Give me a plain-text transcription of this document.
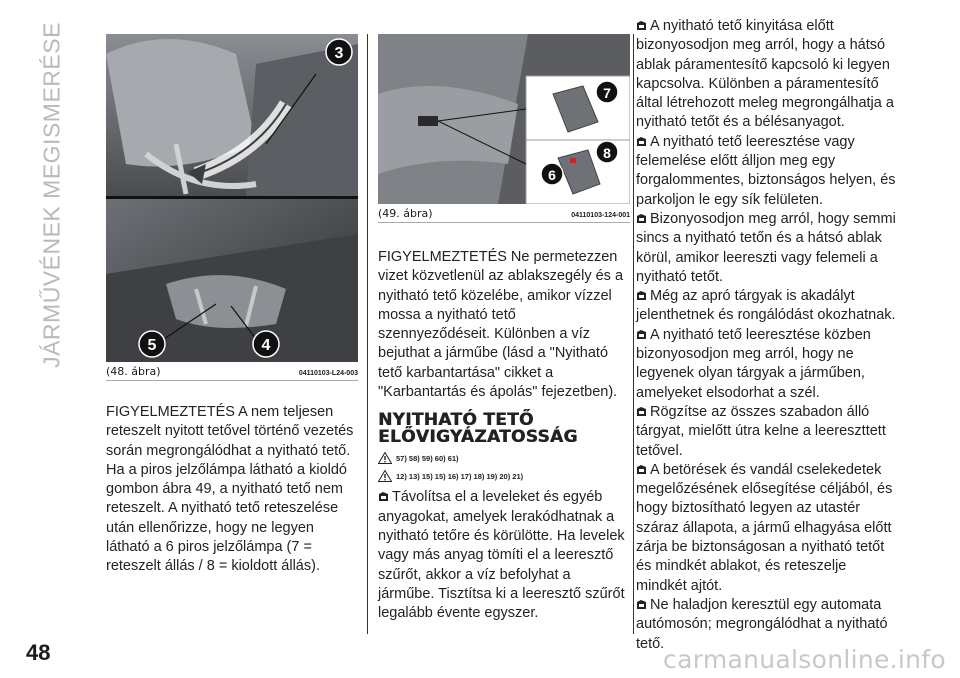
JÁRMŰVÉNEK MEGISMERÉSE	3
5	4
(48. ábra)	04110103-L24-003

FIGYELMEZTETÉS A nem teljesen reteszelt nyitott tetővel történő vezetés során megrongálódhat a nyitható tető. Ha a piros jelzőlámpa látható a kioldó gombon ábra 49, a nyitható tető nem reteszelt. A nyitható tető reteszelése után ellenőrizze, hogy ne legyen látható a 6 piros jelzőlámpa (7 = reteszelt állás / 8 = kioldott állás).

7
6
8
(49. ábra)	04110103-124-001

FIGYELMEZTETÉS Ne permetezzen vizet közvetlenül az ablakszegély és a nyitható tető közelébe, amikor vízzel mossa a nyitható tető szennyeződéseit. Különben a víz bejuthat a járműbe (lásd a "Nyitható tető karbantartása" cikket a "Karbantartás és ápolás" fejezetben).

NYITHATÓ TETŐ
ELŐVIGYÁZATOSSÁG
57) 58) 59) 60) 61)
12) 13) 15) 15) 16) 17) 18) 19) 20) 21)

Távolítsa el a leveleket és egyéb anyagokat, amelyek lerakódhatnak a nyitható tetőre és körülötte. Ha levelek vagy más anyag tömíti el a leeresztő szűrőt, akkor a víz befolyhat a járműbe. Tisztítsa ki a leeresztő szűrőt legalább évente egyszer.

A nyitható tető kinyitása előtt bizonyosodjon meg arról, hogy a hátsó ablak páramentesítő kapcsoló ki legyen kapcsolva. Különben a páramentesítő által létrehozott meleg megrongálhatja a nyitható tetőt és a bélésanyagot.

A nyitható tető leeresztése vagy felemelése előtt álljon meg egy forgalommentes, biztonságos helyen, és parkoljon le egy sík felületen.

Bizonyosodjon meg arról, hogy semmi sincs a nyitható tetőn és a hátsó ablak körül, amikor leereszti vagy felemeli a nyitható tetőt.

Még az apró tárgyak is akadályt jelenthetnek és rongálódást okozhatnak.

A nyitható tető leeresztése közben bizonyosodjon meg arról, hogy ne legyenek olyan tárgyak a járműben, amelyeket elsodorhat a szél.

Rögzítse az összes szabadon álló tárgyat, mielőtt útra kelne a leereszttett tetővel.

A betörések és vandál cselekedetek megelőzésének elősegítése céljából, és hogy biztosítható legyen az utastér száraz állapota, a jármű elhagyása előtt zárja be biztonságosan a nyitható tetőt és mindkét ablakot, és reteszelje mindkét ajtót.

Ne haladjon keresztül egy automata autómosón; megrongálódhat a nyitható tető.

48	carmanualsonline.info
